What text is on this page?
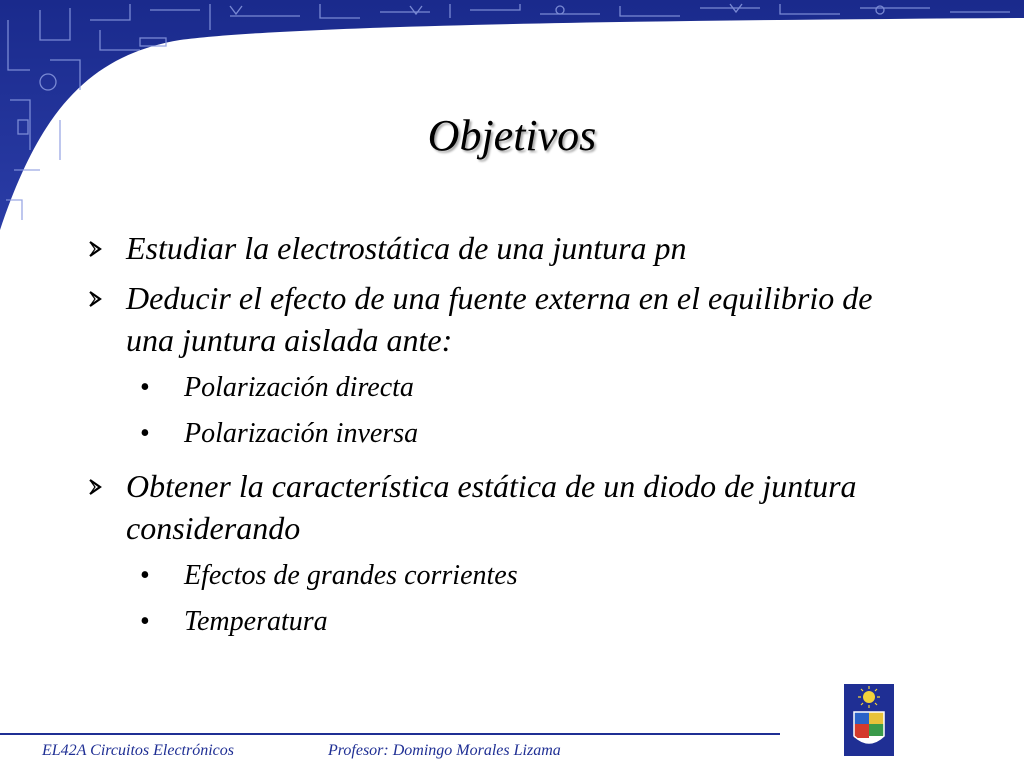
Objetivos
Estudiar la electrostática de una juntura pn
Deducir el efecto de una fuente externa en el equilibrio de una juntura aislada ante:
• Polarización directa
• Polarización inversa
Obtener la característica estática de un diodo de juntura considerando
• Efectos de grandes corrientes
• Temperatura
EL42A Circuitos Electrónicos	Profesor: Domingo Morales Lizama
